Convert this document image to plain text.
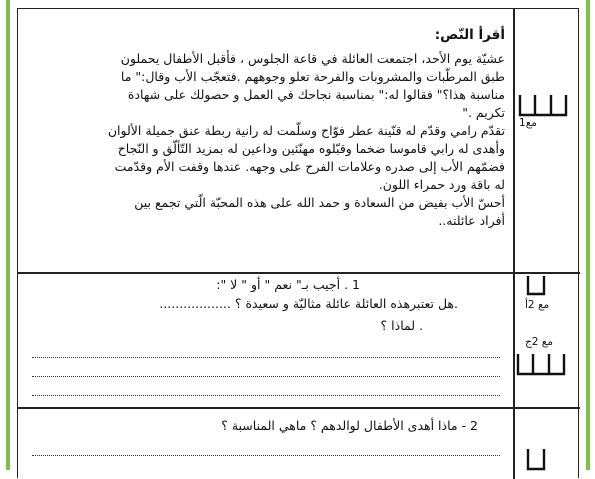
أقرأ النّص:
عشيّة يوم الأحد، اجتمعت العائلة في قاعة الجلوس ، فأقبل الأطفال يحملون
طبق المرطّبات والمشروبات والفرحة تعلو وجوههم .فتعجّب الأب وقال:" ما
مناسبة هذا؟" فقالوا له:" بمناسبة نجاحك في العمل و حصولك على شهادة
تكريم ."
تقدّم رامي وقدّم له قنّينة عطر فوّاح وسلّمت له رانية ربطة عنق جميلة الألوان
وأهدى له رابي قاموسا ضخما وقبّلوه مهنّئين وداعين له بمزيد التّألّق و النّجاح
فضمّهم الأب إلى صدره وعلامات الفرح على وجهه. عندها وقفت الأم وقدّمت
له باقة ورد حمراء اللون.
أحسّ الأب بفيض من السعادة و حمد الله على هذه المحبّة الّتي تجمع بين
أفراد عائلته..
مع1
1 . أجيب بـ" نعم " أو " لا ":
.هل تعتبرهذه العائلة عائلة مثاليّة و سعيدة ؟ ..................
. لماذا ؟
مع 2أ
مع 2ج
2 - ماذا أهدى الأطفال لوالدهم ؟ ماهي المناسبة ؟
